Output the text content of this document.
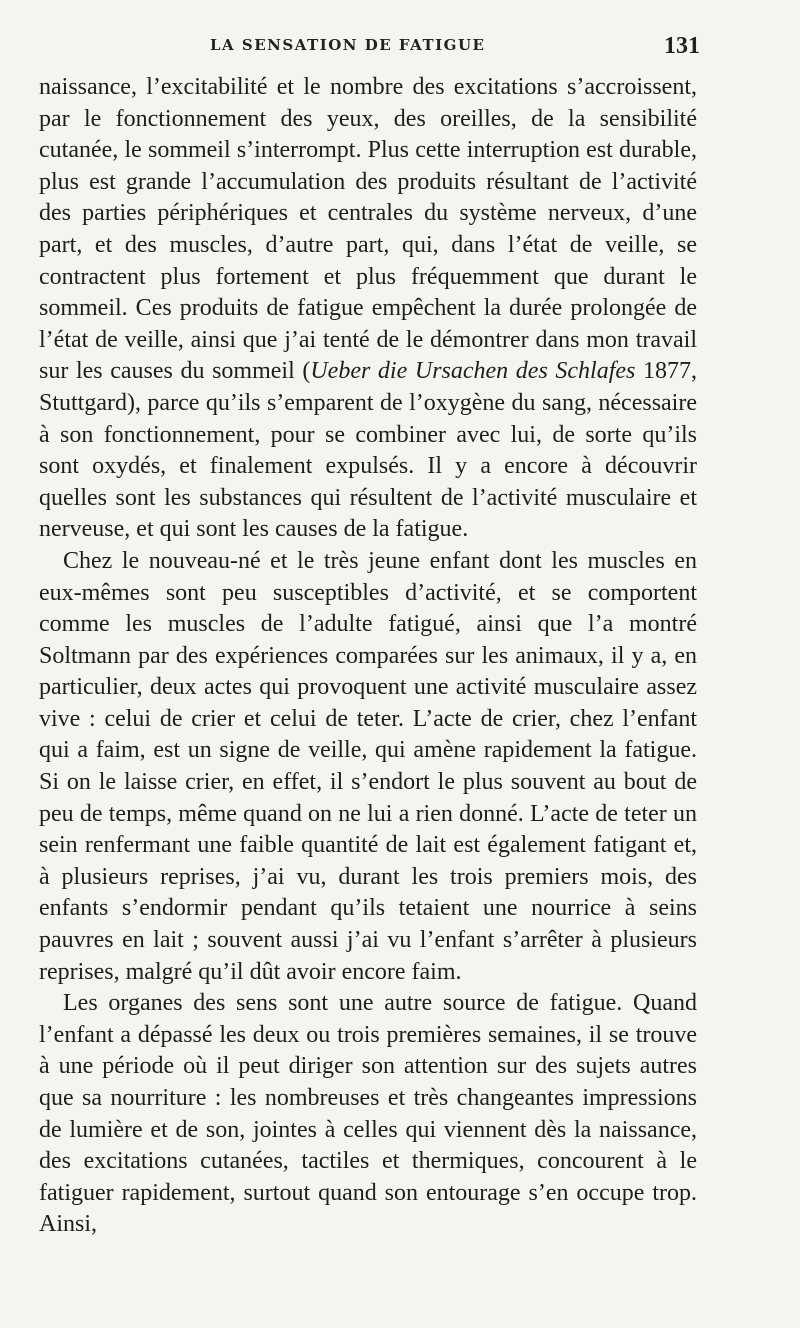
LA SENSATION DE FATIGUE	131

naissance, l’excitabilité et le nombre des excitations s’accroissent, par le fonctionnement des yeux, des oreilles, de la sensibilité cutanée, le sommeil s’interrompt. Plus cette interruption est durable, plus est grande l’accumulation des produits résultant de l’activité des parties périphériques et centrales du système nerveux, d’une part, et des muscles, d’autre part, qui, dans l’état de veille, se contractent plus fortement et plus fréquemment que durant le sommeil. Ces produits de fatigue empêchent la durée prolongée de l’état de veille, ainsi que j’ai tenté de le démontrer dans mon travail sur les causes du sommeil (Ueber die Ursachen des Schlafes 1877, Stuttgard), parce qu’ils s’emparent de l’oxygène du sang, nécessaire à son fonctionnement, pour se combiner avec lui, de sorte qu’ils sont oxydés, et finalement expulsés. Il y a encore à découvrir quelles sont les substances qui résultent de l’activité musculaire et nerveuse, et qui sont les causes de la fatigue.

Chez le nouveau-né et le très jeune enfant dont les muscles en eux-mêmes sont peu susceptibles d’activité, et se comportent comme les muscles de l’adulte fatigué, ainsi que l’a montré Soltmann par des expériences comparées sur les animaux, il y a, en particulier, deux actes qui provoquent une activité musculaire assez vive : celui de crier et celui de teter. L’acte de crier, chez l’enfant qui a faim, est un signe de veille, qui amène rapidement la fatigue. Si on le laisse crier, en effet, il s’endort le plus souvent au bout de peu de temps, même quand on ne lui a rien donné. L’acte de teter un sein renfermant une faible quantité de lait est également fatigant et, à plusieurs reprises, j’ai vu, durant les trois premiers mois, des enfants s’endormir pendant qu’ils tetaient une nourrice à seins pauvres en lait ; souvent aussi j’ai vu l’enfant s’arrêter à plusieurs reprises, malgré qu’il dût avoir encore faim.

Les organes des sens sont une autre source de fatigue. Quand l’enfant a dépassé les deux ou trois premières semaines, il se trouve à une période où il peut diriger son attention sur des sujets autres que sa nourriture : les nombreuses et très changeantes impressions de lumière et de son, jointes à celles qui viennent dès la naissance, des excitations cutanées, tactiles et thermiques, concourent à le fatiguer rapidement, surtout quand son entourage s’en occupe trop. Ainsi,
